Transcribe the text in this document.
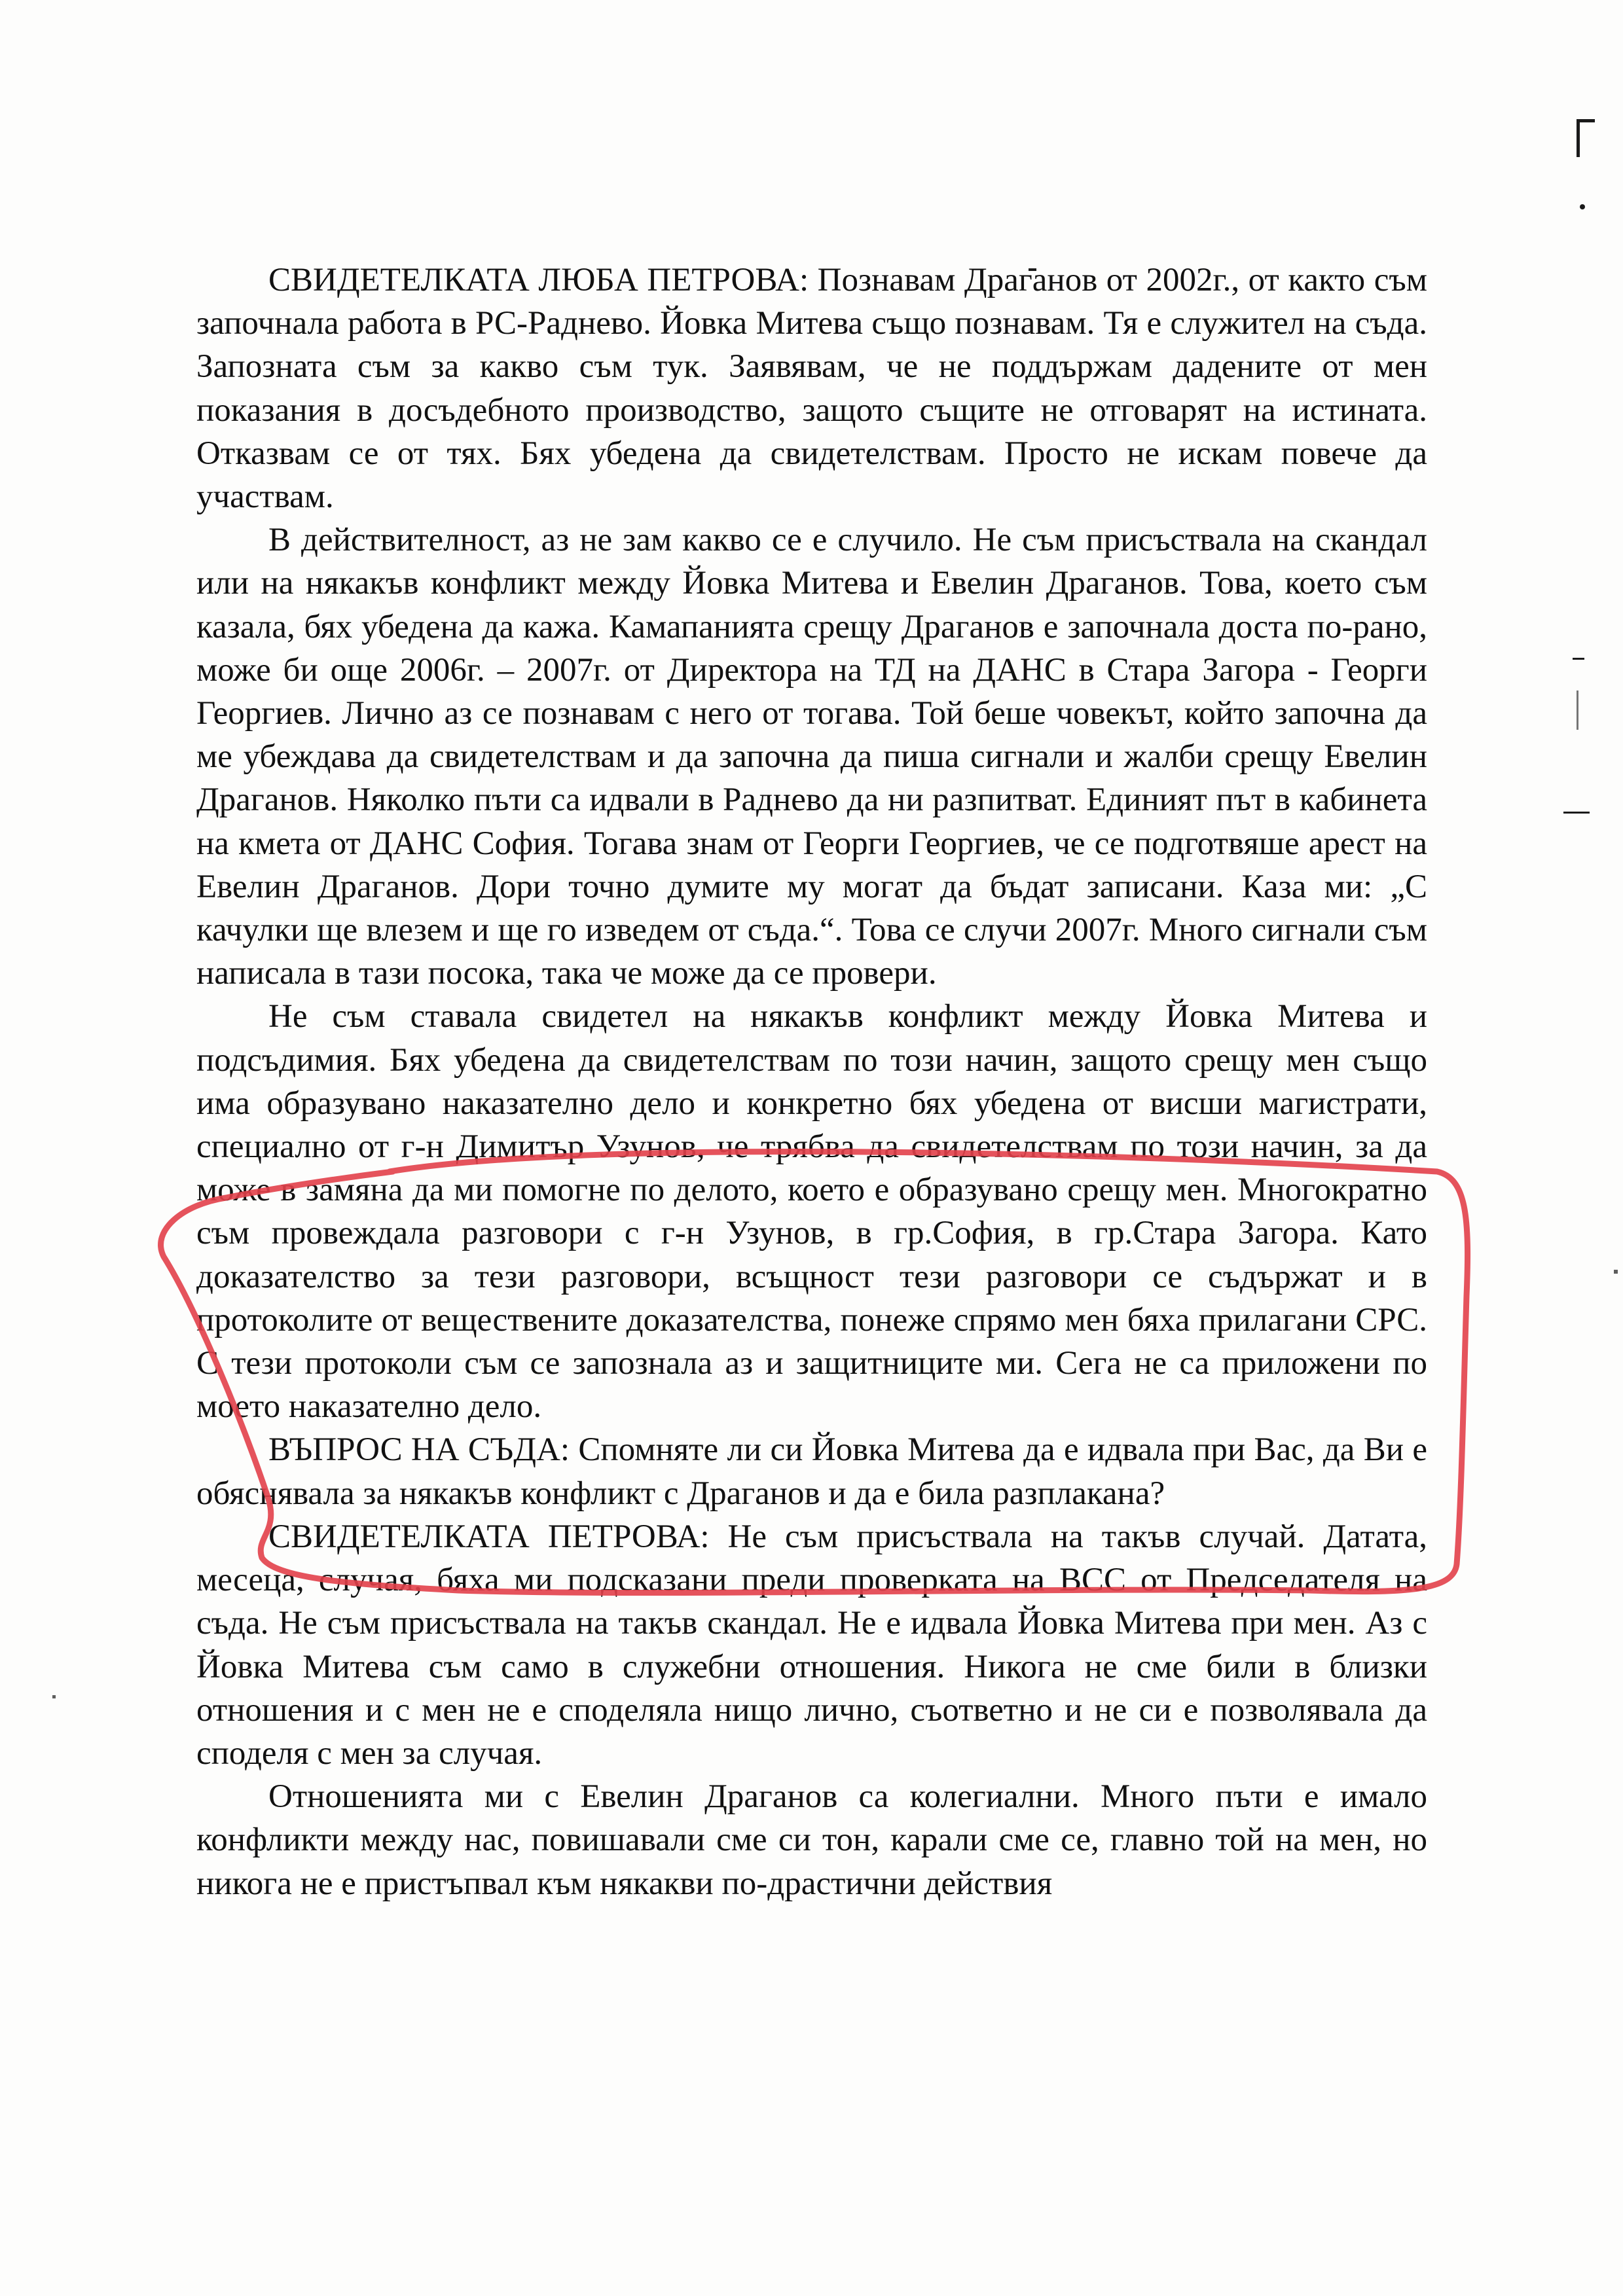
СВИДЕТЕЛКАТА ЛЮБА ПЕТРОВА: Познавам Драганов от 2002г., от както съм започнала работа в РС-Раднево. Йовка Митева също познавам. Тя е служител на съда. Запозната съм за какво съм тук. Заявявам, че не поддържам дадените от мен показания в досъдебното производство, защото същите не отговарят на истината. Отказвам се от тях. Бях убедена да свидетелствам. Просто не искам повече да участвам.

В действителност, аз не зам какво се е случило. Не съм присъствала на скандал или на някакъв конфликт между Йовка Митева и Евелин Драганов. Това, което съм казала, бях убедена да кажа. Камапанията срещу Драганов е започнала доста по-рано, може би още 2006г. – 2007г. от Директора на ТД на ДАНС в Стара Загора - Георги Георгиев. Лично аз се познавам с него от тогава. Той беше човекът, който започна да ме убеждава да свидетелствам и да започна да пиша сигнали и жалби срещу Евелин Драганов. Няколко пъти са идвали в Раднево да ни разпитват. Единият път в кабинета на кмета от ДАНС София. Тогава знам от Георги Георгиев, че се подготвяше арест на Евелин Драганов. Дори точно думите му могат да бъдат записани. Каза ми: „С качулки ще влезем и ще го изведем от съда.“. Това се случи 2007г. Много сигнали съм написала в тази посока, така че може да се провери.

Не съм ставала свидетел на някакъв конфликт между Йовка Митева и подсъдимия. Бях убедена да свидетелствам по този начин, защото срещу мен също има образувано наказателно дело и конкретно бях убедена от висши магистрати, специално от г-н Димитър Узунов, че трябва да свидетелствам по този начин, за да може в замяна да ми помогне по делото, което е образувано срещу мен. Многократно съм провеждала разговори с г-н Узунов, в гр.София, в гр.Стара Загора. Като доказателство за тези разговори, всъщност тези разговори се съдържат и в протоколите от веществените доказателства, понеже спрямо мен бяха прилагани СРС. С тези протоколи съм се запознала аз и защитниците ми. Сега не са приложени по моето наказателно дело.

ВЪПРОС НА СЪДА: Спомняте ли си Йовка Митева да е идвала при Вас, да Ви е обяснявала за някакъв конфликт с Драганов и да е била разплакана?

СВИДЕТЕЛКАТА ПЕТРОВА: Не съм присъствала на такъв случай. Датата, месеца, случая, бяха ми подсказани преди проверката на ВСС от Председателя на съда. Не съм присъствала на такъв скандал. Не е идвала Йовка Митева при мен. Аз с Йовка Митева съм само в служебни отношения. Никога не сме били в близки отношения и с мен не е споделяла нищо лично, съответно и не си е позволявала да споделя с мен за случая.

Отношенията ми с Евелин Драганов са колегиални. Много пъти е имало конфликти между нас, повишавали сме си тон, карали сме се, главно той на мен, но никога не е пристъпвал към някакви по-драстични действия
